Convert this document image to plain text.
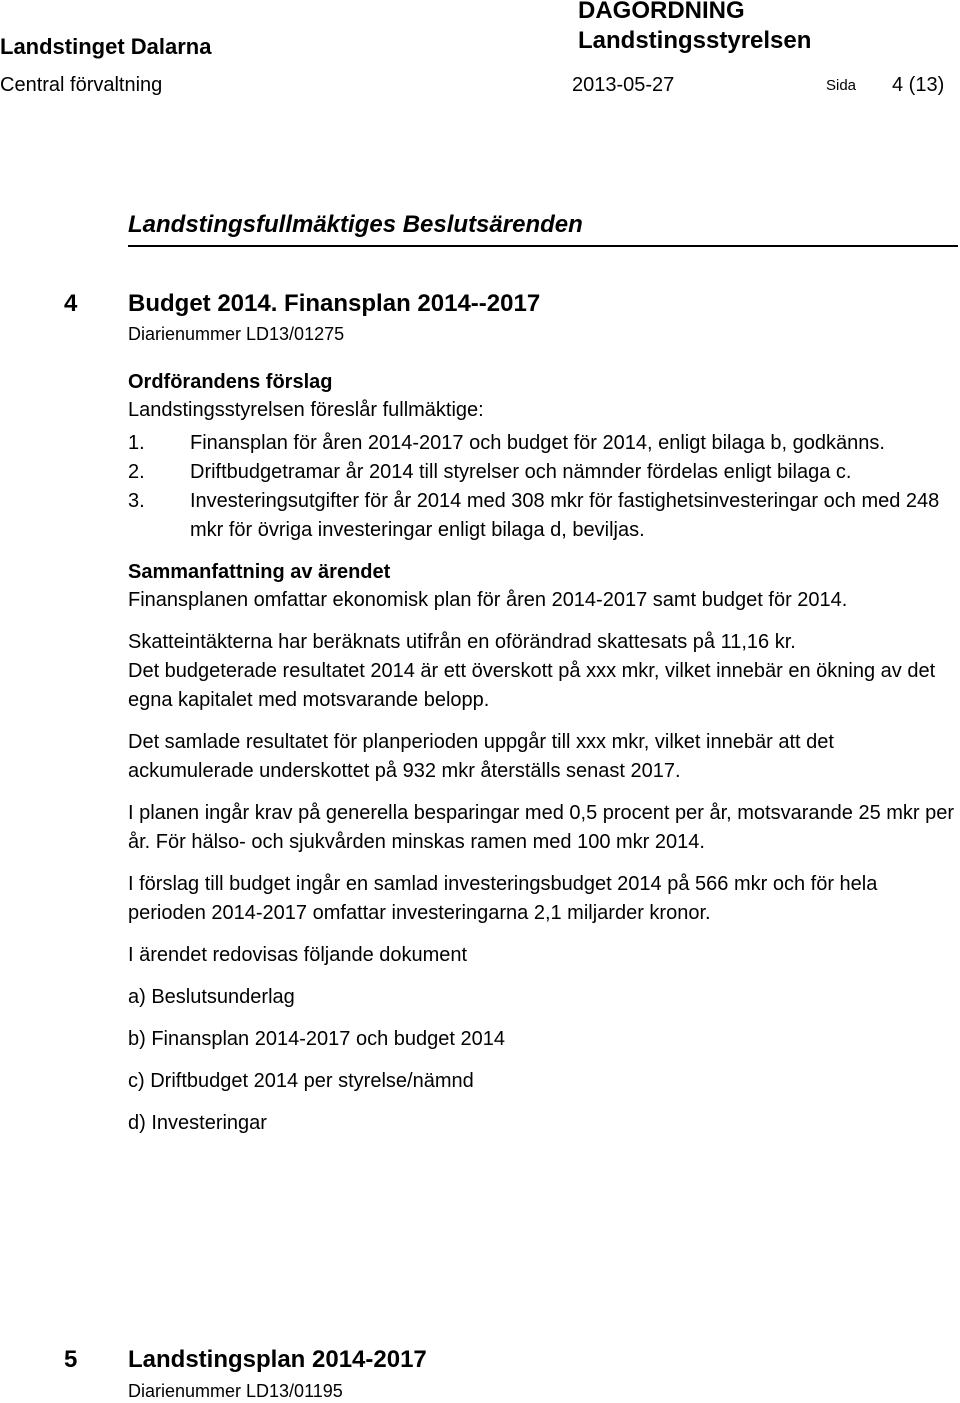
Landstinget Dalarna
DAGORDNING
Landstingsstyrelsen
Central förvaltning	2013-05-27	Sida 4 (13)
Landstingsfullmäktiges Beslutsärenden
4 Budget 2014. Finansplan 2014--2017
Diarienummer LD13/01275

Ordförandens förslag

Landstingsstyrelsen föreslår fullmäktige:

1. Finansplan för åren 2014-2017 och budget för 2014, enligt bilaga b, godkänns.
2. Driftbudgetramar år 2014 till styrelser och nämnder fördelas enligt bilaga c.
3. Investeringsutgifter för år 2014 med 308 mkr för fastighetsinvesteringar och med 248 mkr för övriga investeringar enligt bilaga d, beviljas.

Sammanfattning av ärendet

Finansplanen omfattar ekonomisk plan för åren 2014-2017 samt budget för 2014.

Skatteintäkterna har beräknats utifrån en oförändrad skattesats på 11,16 kr.

Det budgeterade resultatet 2014 är ett överskott på xxx mkr, vilket innebär en ökning av det egna kapitalet med motsvarande belopp.

Det samlade resultatet för planperioden uppgår till xxx mkr, vilket innebär att det ackumulerade underskottet på 932 mkr återställs senast 2017.

I planen ingår krav på generella besparingar med 0,5 procent per år, motsvarande 25 mkr per år. För hälso- och sjukvården minskas ramen med 100 mkr 2014.

I förslag till budget ingår en samlad investeringsbudget 2014 på 566 mkr och för hela perioden 2014-2017 omfattar investeringarna 2,1 miljarder kronor.

I ärendet redovisas följande dokument

a) Beslutsunderlag

b) Finansplan 2014-2017 och budget 2014

c) Driftbudget 2014 per styrelse/nämnd

d) Investeringar

5 Landstingsplan 2014-2017
Diarienummer LD13/01195
